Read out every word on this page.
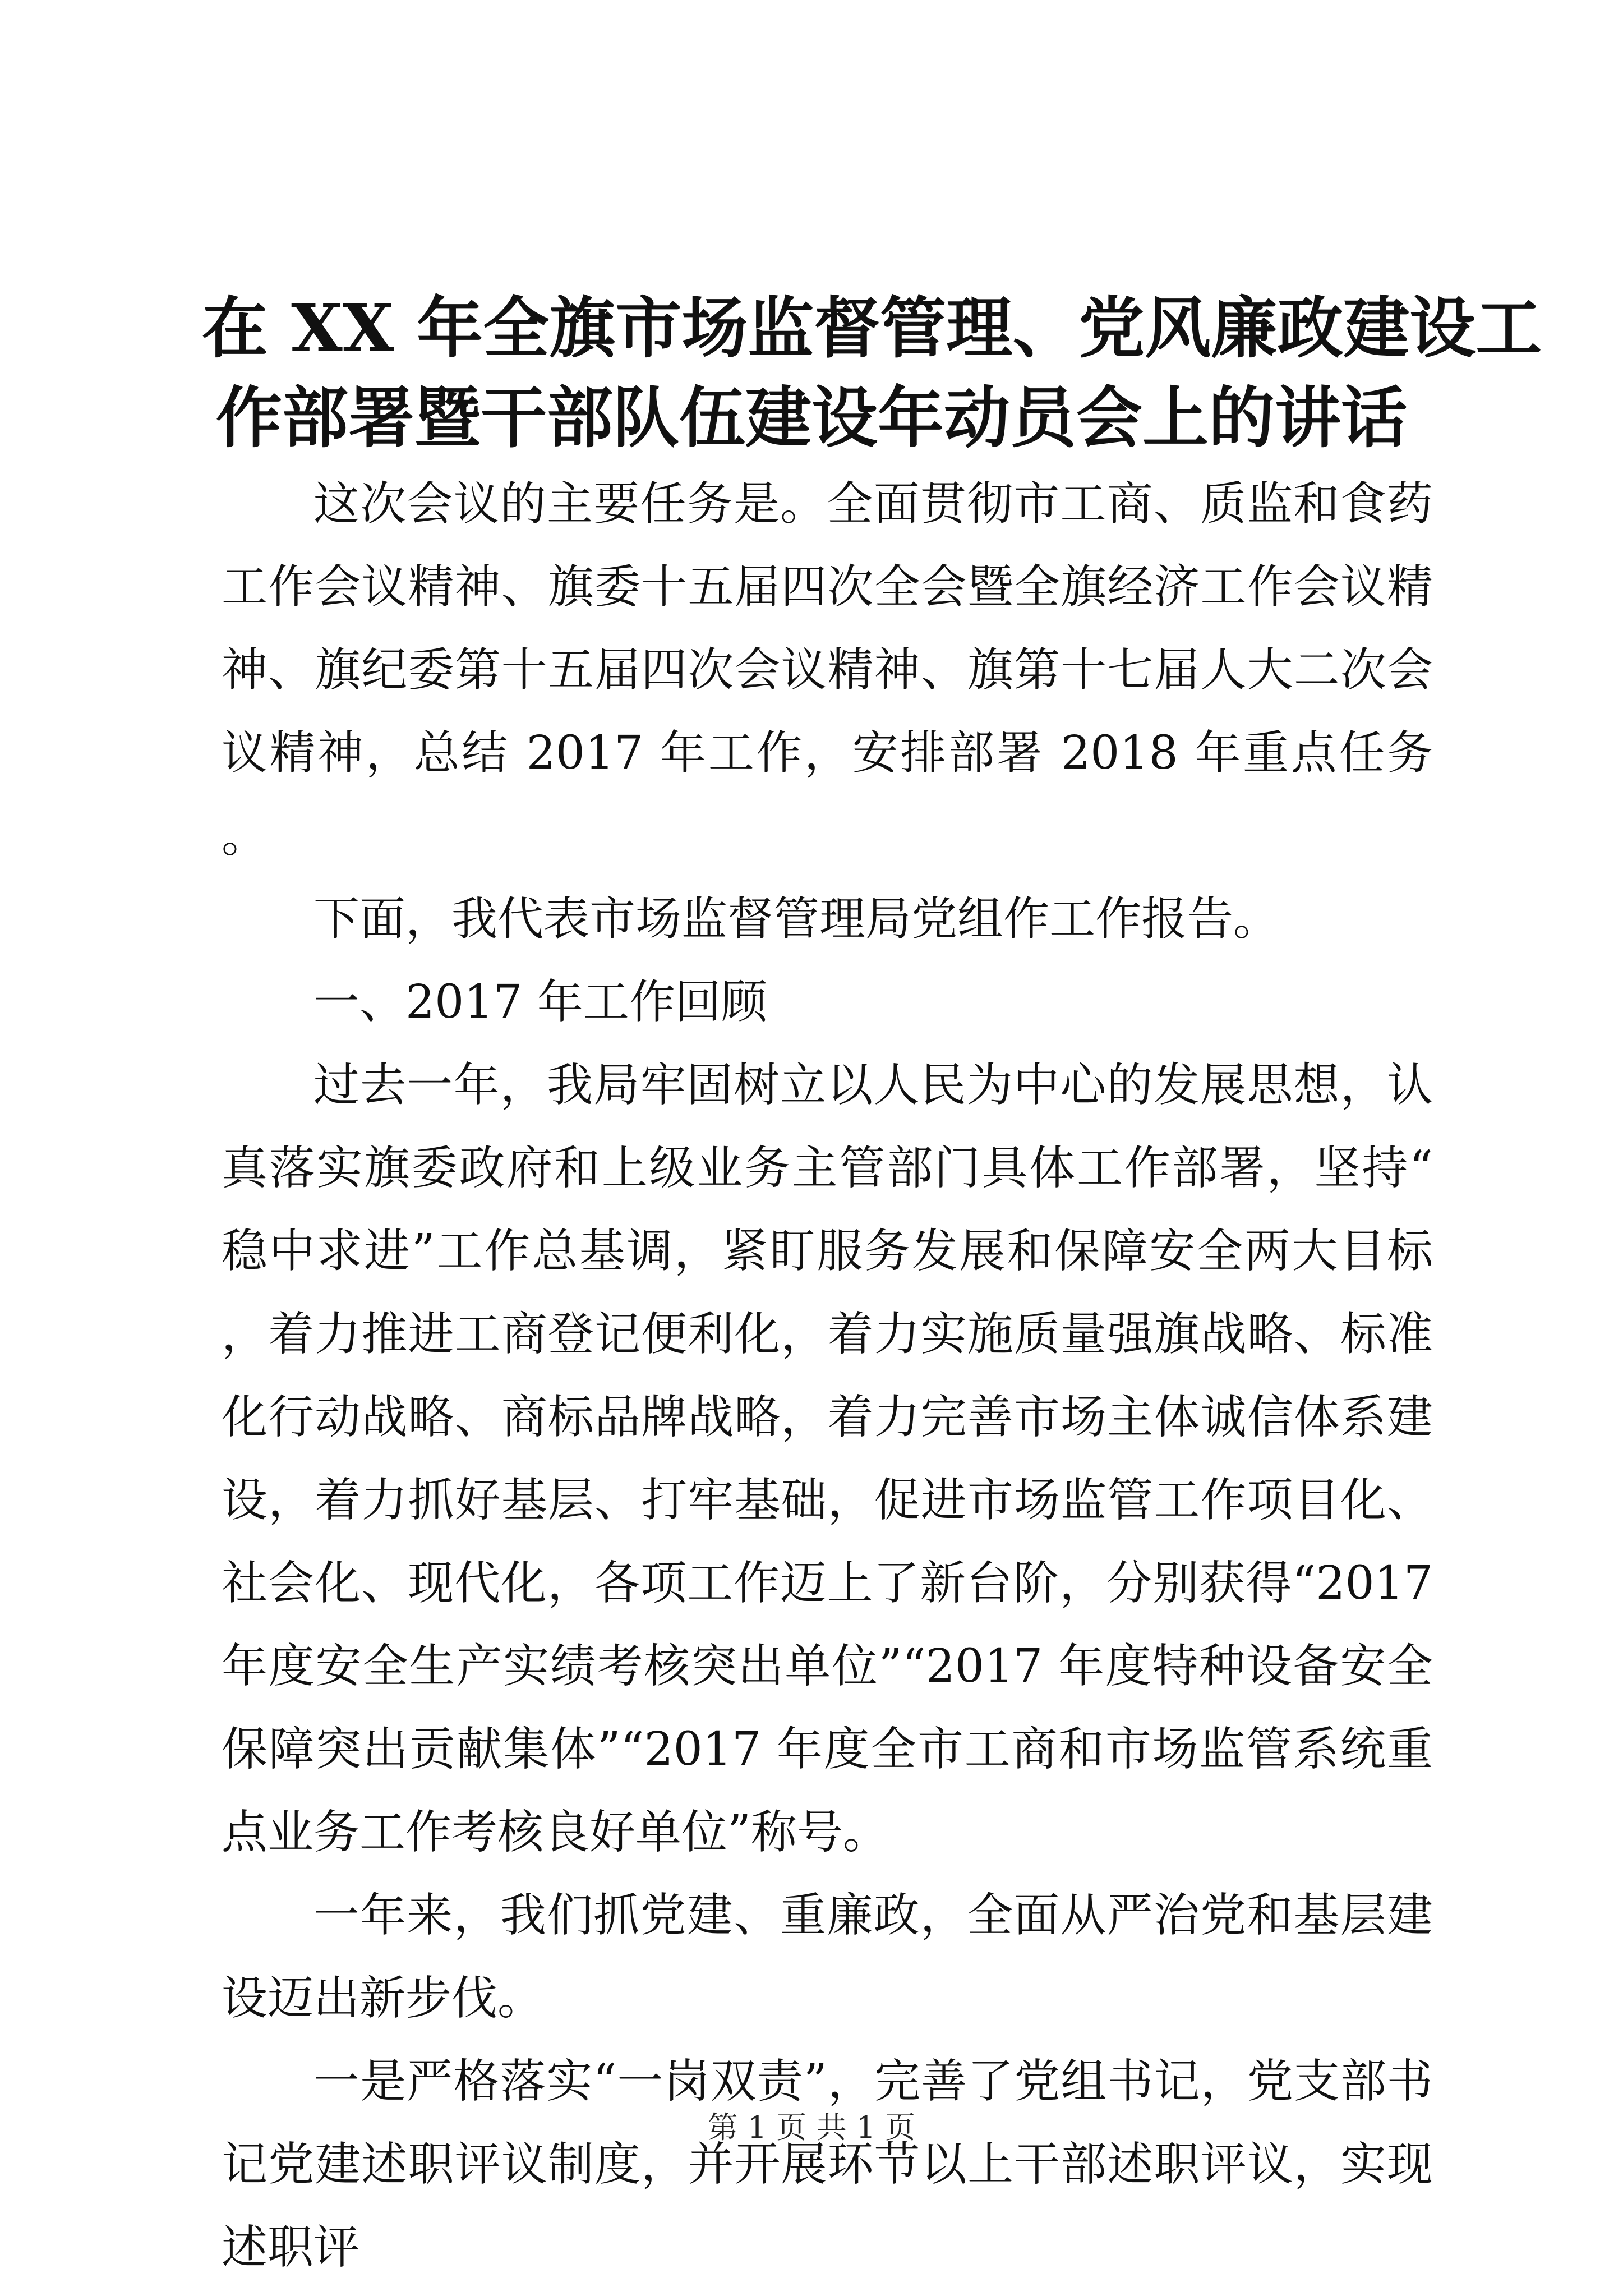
在 XX 年全旗市场监督管理、党风廉政建设工
作部署暨干部队伍建设年动员会上的讲话

这次会议的主要任务是。全面贯彻市工商、质监和食药工作会议精神、旗委十五届四次全会暨全旗经济工作会议精神、旗纪委第十五届四次会议精神、旗第十七届人大二次会议精神，总结 2017 年工作，安排部署 2018 年重点任务。

下面，我代表市场监督管理局党组作工作报告。

一、2017 年工作回顾

过去一年，我局牢固树立以人民为中心的发展思想，认真落实旗委政府和上级业务主管部门具体工作部署，坚持“稳中求进”工作总基调，紧盯服务发展和保障安全两大目标，着力推进工商登记便利化，着力实施质量强旗战略、标准化行动战略、商标品牌战略，着力完善市场主体诚信体系建设，着力抓好基层、打牢基础，促进市场监管工作项目化、社会化、现代化，各项工作迈上了新台阶，分别获得“2017 年度安全生产实绩考核突出单位”“2017 年度特种设备安全保障突出贡献集体”“2017 年度全市工商和市场监管系统重点业务工作考核良好单位”称号。

一年来，我们抓党建、重廉政，全面从严治党和基层建设迈出新步伐。

一是严格落实“一岗双责”，完善了党组书记，党支部书记党建述职评议制度，并开展环节以上干部述职评议，实现述职评

第 1 页 共 1 页
